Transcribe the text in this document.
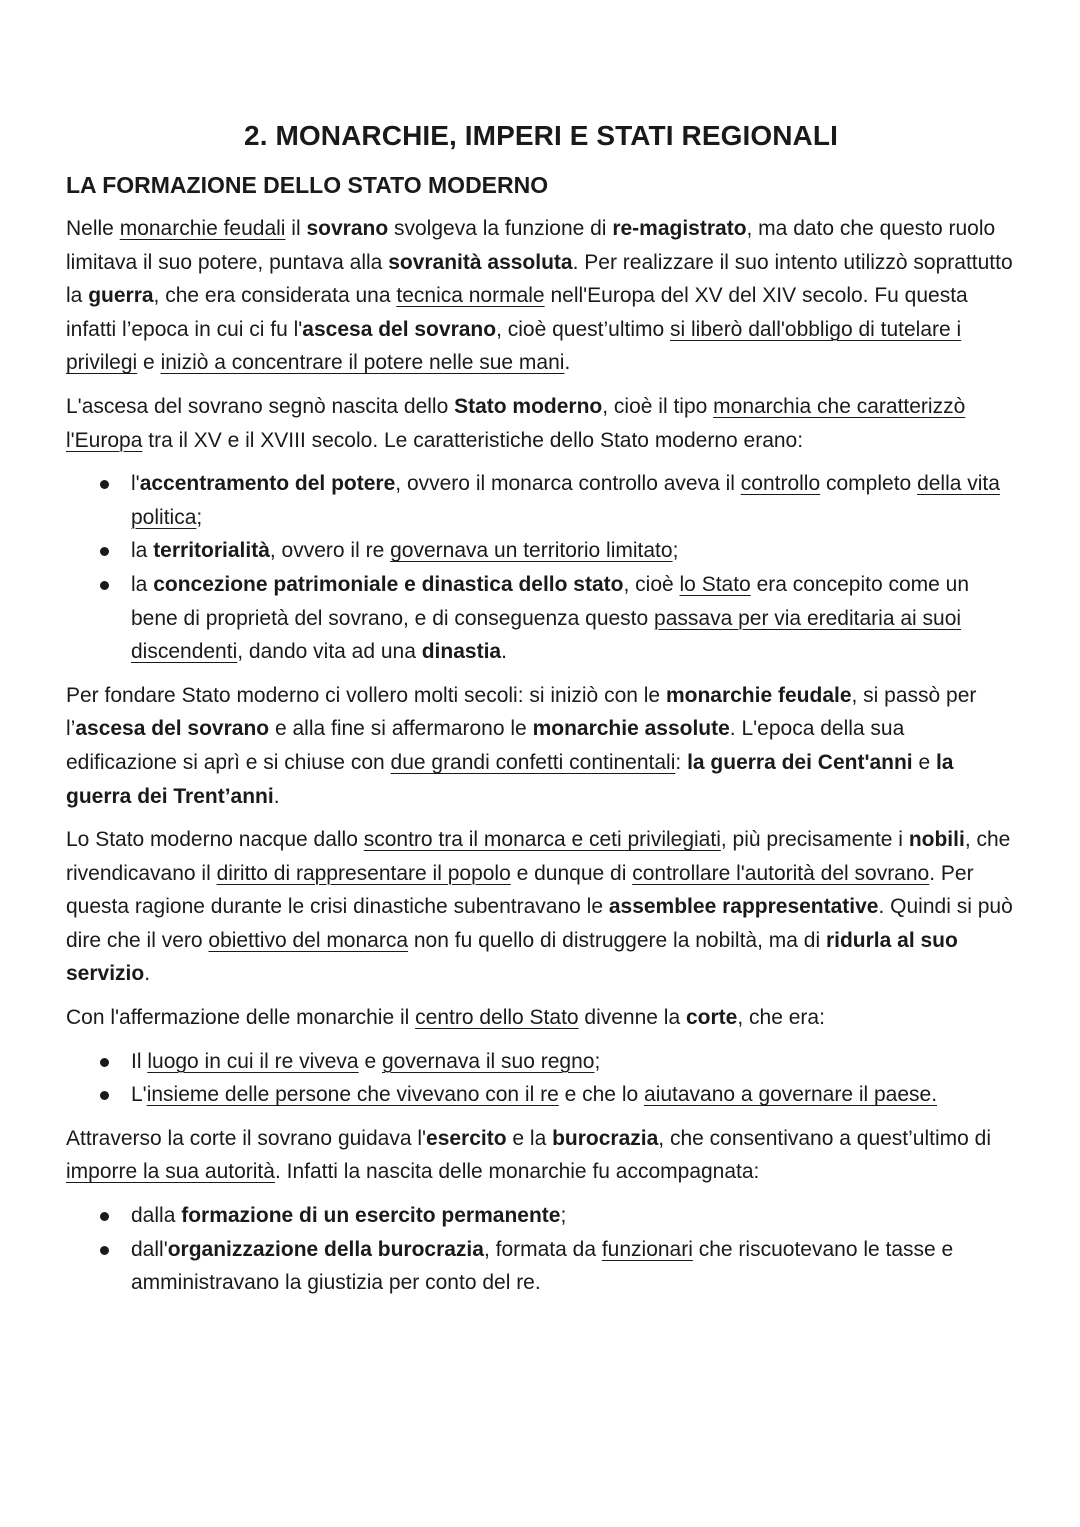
2. MONARCHIE, IMPERI E STATI REGIONALI
LA FORMAZIONE DELLO STATO MODERNO

Nelle monarchie feudali il sovrano svolgeva la funzione di re-magistrato, ma dato che questo ruolo limitava il suo potere, puntava alla sovranità assoluta. Per realizzare il suo intento utilizzò soprattutto la guerra, che era considerata una tecnica normale nell'Europa del XV del XIV secolo. Fu questa infatti l’epoca in cui ci fu l'ascesa del sovrano, cioè quest’ultimo si liberò dall'obbligo di tutelare i privilegi e iniziò a concentrare il potere nelle sue mani.

L'ascesa del sovrano segnò nascita dello Stato moderno, cioè il tipo monarchia che caratterizzò l'Europa tra il XV e il XVIII secolo. Le caratteristiche dello Stato moderno erano:

l'accentramento del potere, ovvero il monarca controllo aveva il controllo completo della vita politica;
la territorialità, ovvero il re governava un territorio limitato;
la concezione patrimoniale e dinastica dello stato, cioè lo Stato era concepito come un bene di proprietà del sovrano, e di conseguenza questo passava per via ereditaria ai suoi discendenti, dando vita ad una dinastia.

Per fondare Stato moderno ci vollero molti secoli: si iniziò con le monarchie feudale, si passò per l’ascesa del sovrano e alla fine si affermarono le monarchie assolute. L'epoca della sua edificazione si aprì e si chiuse con due grandi confetti continentali: la guerra dei Cent'anni e la guerra dei Trent’anni.

Lo Stato moderno nacque dallo scontro tra il monarca e ceti privilegiati, più precisamente i nobili, che rivendicavano il diritto di rappresentare il popolo e dunque di controllare l'autorità del sovrano. Per questa ragione durante le crisi dinastiche subentravano le assemblee rappresentative. Quindi si può dire che il vero obiettivo del monarca non fu quello di distruggere la nobiltà, ma di ridurla al suo servizio.

Con l'affermazione delle monarchie il centro dello Stato divenne la corte, che era:

Il luogo in cui il re viveva e governava il suo regno;
L'insieme delle persone che vivevano con il re e che lo aiutavano a governare il paese.

Attraverso la corte il sovrano guidava l'esercito e la burocrazia, che consentivano a quest’ultimo di imporre la sua autorità. Infatti la nascita delle monarchie fu accompagnata:

dalla formazione di un esercito permanente;
dall'organizzazione della burocrazia, formata da funzionari che riscuotevano le tasse e amministravano la giustizia per conto del re.
